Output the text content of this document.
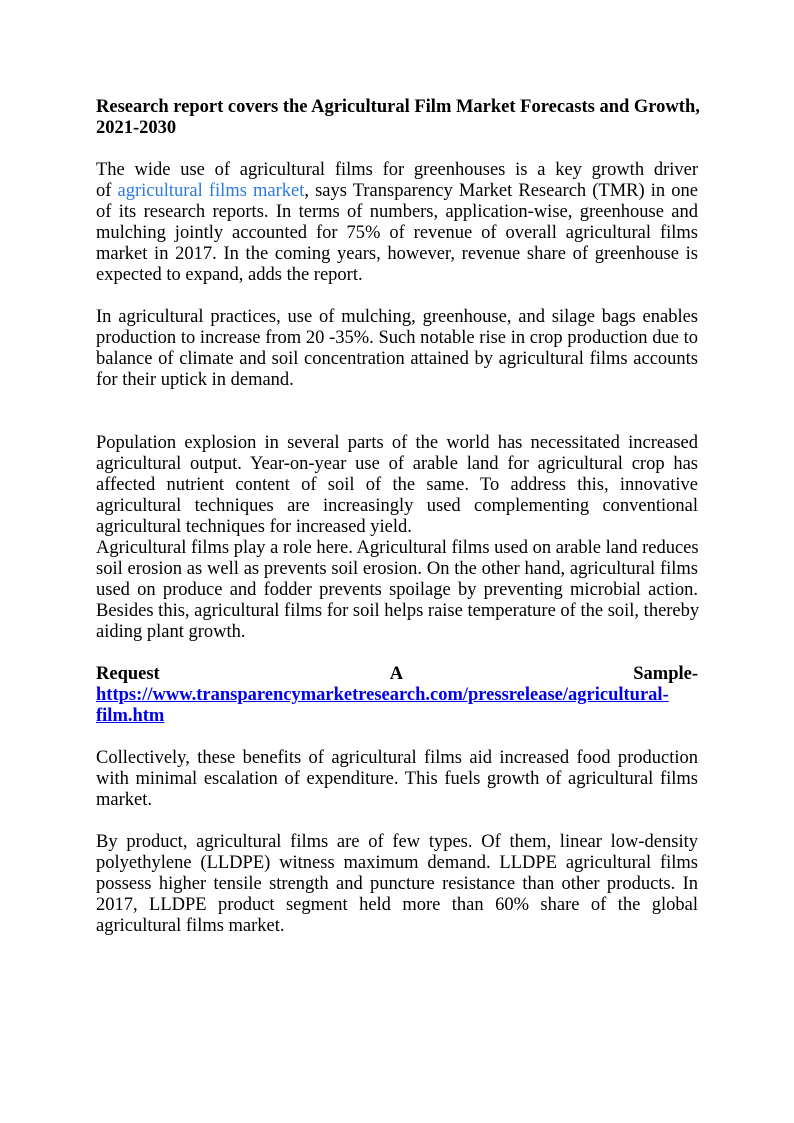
Research report covers the Agricultural Film Market Forecasts and Growth,
2021-2030
The wide use of agricultural films for greenhouses is a key growth driver
of agricultural films market, says Transparency Market Research (TMR) in one
of its research reports. In terms of numbers, application-wise, greenhouse and
mulching jointly accounted for 75% of revenue of overall agricultural films
market in 2017. In the coming years, however, revenue share of greenhouse is
expected to expand, adds the report.
In agricultural practices, use of mulching, greenhouse, and silage bags enables
production to increase from 20 -35%. Such notable rise in crop production due to
balance of climate and soil concentration attained by agricultural films accounts
for their uptick in demand.
Population explosion in several parts of the world has necessitated increased
agricultural output. Year-on-year use of arable land for agricultural crop has
affected nutrient content of soil of the same. To address this, innovative
agricultural techniques are increasingly used complementing conventional
agricultural techniques for increased yield.
Agricultural films play a role here. Agricultural films used on arable land reduces
soil erosion as well as prevents soil erosion. On the other hand, agricultural films
used on produce and fodder prevents spoilage by preventing microbial action.
Besides this, agricultural films for soil helps raise temperature of the soil, thereby
aiding plant growth.
Request A Sample-
https://www.transparencymarketresearch.com/pressrelease/agricultural-
film.htm
Collectively, these benefits of agricultural films aid increased food production
with minimal escalation of expenditure. This fuels growth of agricultural films
market.
By product, agricultural films are of few types. Of them, linear low-density
polyethylene (LLDPE) witness maximum demand. LLDPE agricultural films
possess higher tensile strength and puncture resistance than other products. In
2017, LLDPE product segment held more than 60% share of the global
agricultural films market.
